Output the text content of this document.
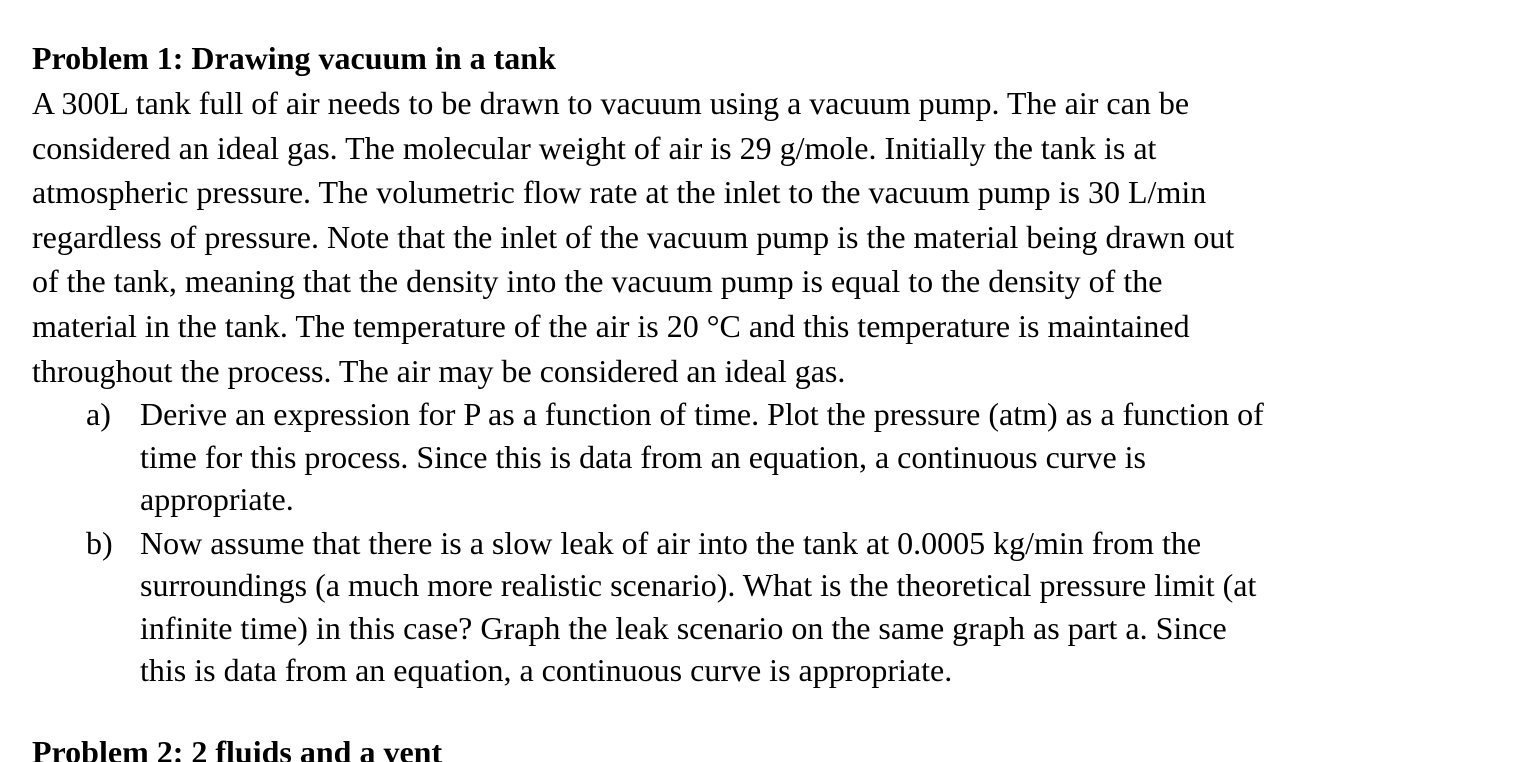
Problem 1: Drawing vacuum in a tank
A 300L tank full of air needs to be drawn to vacuum using a vacuum pump. The air can be
considered an ideal gas. The molecular weight of air is 29 g/mole. Initially the tank is at
atmospheric pressure. The volumetric flow rate at the inlet to the vacuum pump is 30 L/min
regardless of pressure. Note that the inlet of the vacuum pump is the material being drawn out
of the tank, meaning that the density into the vacuum pump is equal to the density of the
material in the tank. The temperature of the air is 20 °C and this temperature is maintained
throughout the process. The air may be considered an ideal gas.
a) Derive an expression for P as a function of time. Plot the pressure (atm) as a function of
time for this process. Since this is data from an equation, a continuous curve is
appropriate.
b) Now assume that there is a slow leak of air into the tank at 0.0005 kg/min from the
surroundings (a much more realistic scenario). What is the theoretical pressure limit (at
infinite time) in this case? Graph the leak scenario on the same graph as part a. Since
this is data from an equation, a continuous curve is appropriate.
Problem 2: 2 fluids and a vent
